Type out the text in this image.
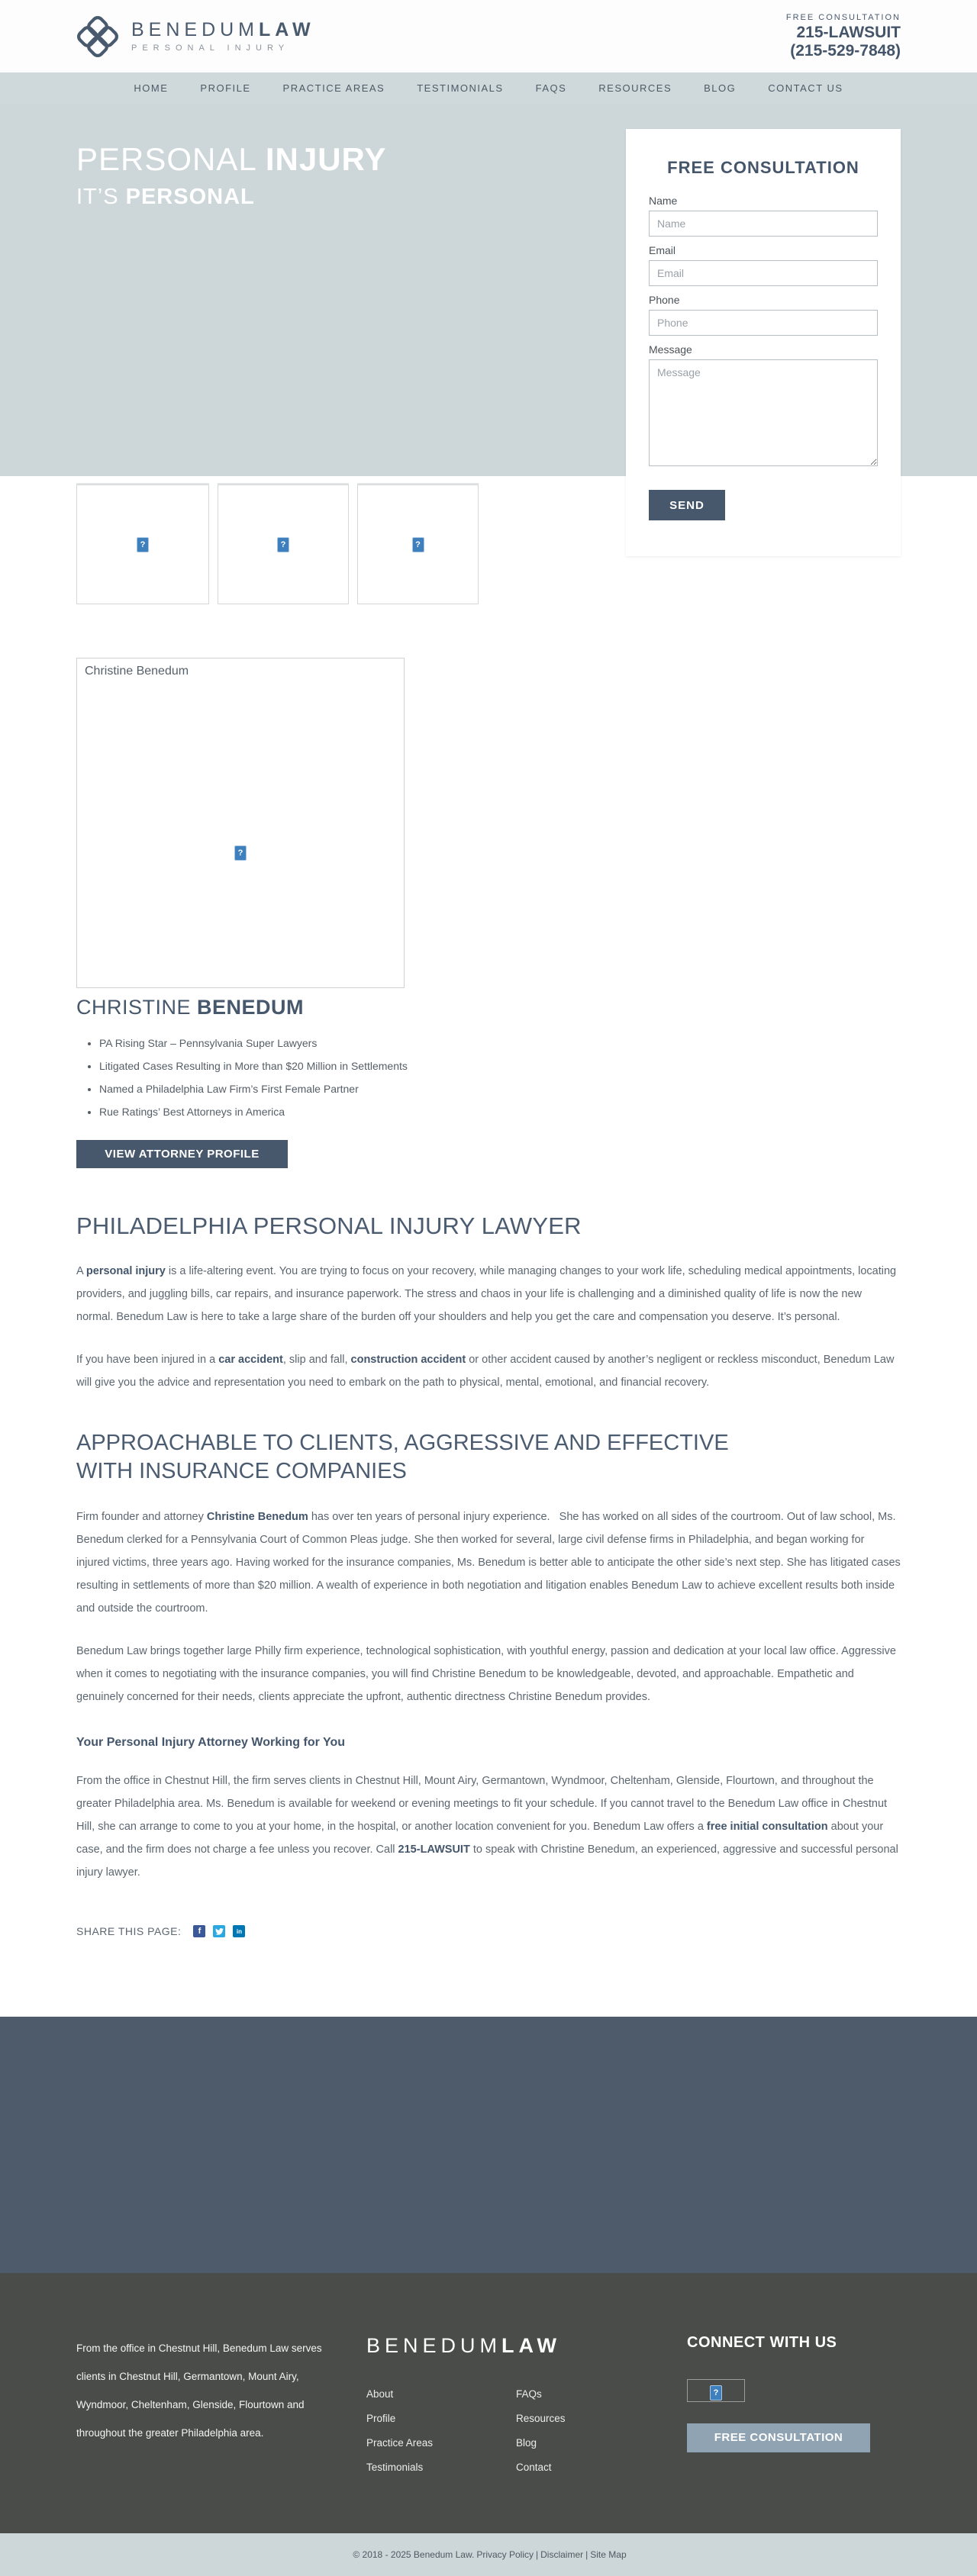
BENEDUMLAW
PERSONAL INJURY
FREE CONSULTATION
215-LAWSUIT
(215-529-7848)
HOME	PROFILE	PRACTICE AREAS	TESTIMONIALS	FAQS	RESOURCES	BLOG	CONTACT US
PERSONAL INJURY
IT’S PERSONAL
FREE CONSULTATION
Name
Name
Email
Email
Phone
Phone
Message
Message SEND
?	?	?
Christine Benedum
?
CHRISTINE BENEDUM
• PA Rising Star – Pennsylvania Super Lawyers
• Litigated Cases Resulting in More than $20 Million in Settlements
• Named a Philadelphia Law Firm’s First Female Partner
• Rue Ratings’ Best Attorneys in America
VIEW ATTORNEY PROFILE
PHILADELPHIA PERSONAL INJURY LAWYER

A personal injury is a life-altering event. You are trying to focus on your recovery, while managing changes to your work life, scheduling medical appointments, locating providers, and juggling bills, car repairs, and insurance paperwork. The stress and chaos in your life is challenging and a diminished quality of life is now the new normal. Benedum Law is here to take a large share of the burden off your shoulders and help you get the care and compensation you deserve. It’s personal.

If you have been injured in a car accident, slip and fall, construction accident or other accident caused by another’s negligent or reckless misconduct, Benedum Law will give you the advice and representation you need to embark on the path to physical, mental, emotional, and financial recovery.

APPROACHABLE TO CLIENTS, AGGRESSIVE AND EFFECTIVE WITH INSURANCE COMPANIES

Firm founder and attorney Christine Benedum has over ten years of personal injury experience.   She has worked on all sides of the courtroom. Out of law school, Ms. Benedum clerked for a Pennsylvania Court of Common Pleas judge. She then worked for several, large civil defense firms in Philadelphia, and began working for injured victims, three years ago. Having worked for the insurance companies, Ms. Benedum is better able to anticipate the other side’s next step. She has litigated cases resulting in settlements of more than $20 million. A wealth of experience in both negotiation and litigation enables Benedum Law to achieve excellent results both inside and outside the courtroom.

Benedum Law brings together large Philly firm experience, technological sophistication, with youthful energy, passion and dedication at your local law office. Aggressive when it comes to negotiating with the insurance companies, you will find Christine Benedum to be knowledgeable, devoted, and approachable. Empathetic and genuinely concerned for their needs, clients appreciate the upfront, authentic directness Christine Benedum provides.

Your Personal Injury Attorney Working for You

From the office in Chestnut Hill, the firm serves clients in Chestnut Hill, Mount Airy, Germantown, Wyndmoor, Cheltenham, Glenside, Flourtown, and throughout the greater Philadelphia area. Ms. Benedum is available for weekend or evening meetings to fit your schedule. If you cannot travel to the Benedum Law office in Chestnut Hill, she can arrange to come to you at your home, in the hospital, or another location convenient for you. Benedum Law offers a free initial consultation about your case, and the firm does not charge a fee unless you recover. Call 215-LAWSUIT to speak with Christine Benedum, an experienced, aggressive and successful personal injury lawyer.

SHARE THIS PAGE:	f	in

From the office in Chestnut Hill, Benedum Law serves clients in Chestnut Hill, Germantown, Mount Airy, Wyndmoor, Cheltenham, Glenside, Flourtown and throughout the greater Philadelphia area.

BENEDUMLAW
About
Profile
Practice Areas
Testimonials
FAQs
Resources
Blog
Contact
CONNECT WITH US
?
FREE CONSULTATION
© 2018 - 2025 Benedum Law. Privacy Policy | Disclaimer | Site Map
